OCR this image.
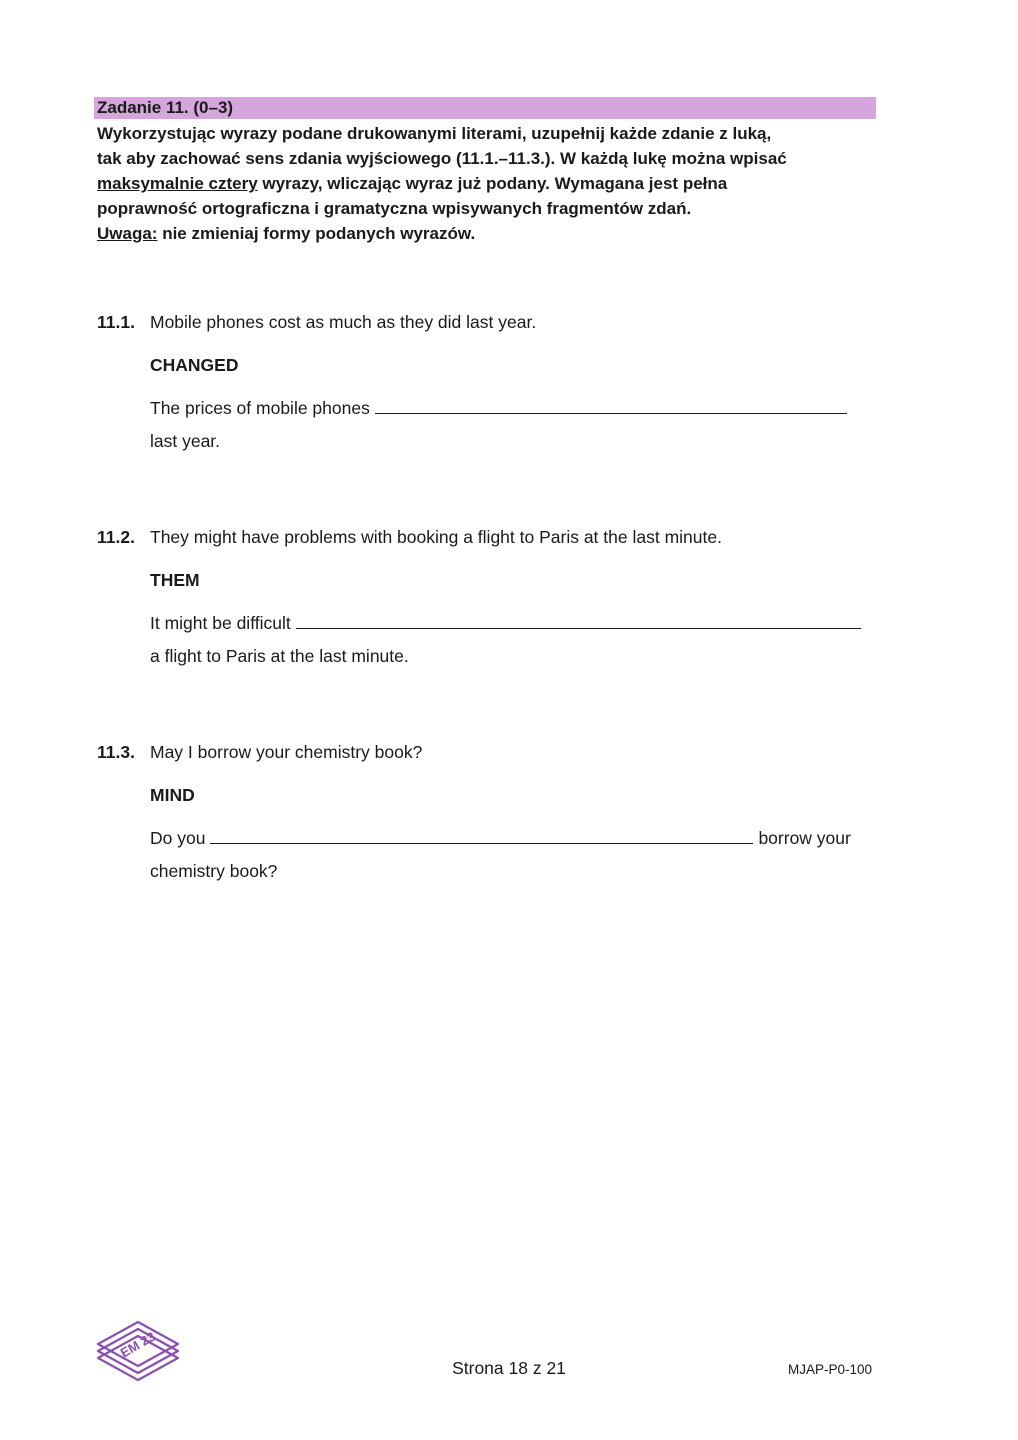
Zadanie 11. (0–3)
Wykorzystując wyrazy podane drukowanymi literami, uzupełnij każde zdanie z luką,
tak aby zachować sens zdania wyjściowego (11.1.–11.3.). W każdą lukę można wpisać
maksymalnie cztery wyrazy, wliczając wyraz już podany. Wymagana jest pełna
poprawność ortograficzna i gramatyczna wpisywanych fragmentów zdań.
Uwaga: nie zmieniaj formy podanych wyrazów.
11.1. Mobile phones cost as much as they did last year.
CHANGED
The prices of mobile phones
last year.
11.2. They might have problems with booking a flight to Paris at the last minute.
THEM
It might be difficult
a flight to Paris at the last minute.
11.3. May I borrow your chemistry book?
MIND
Do you	borrow your
chemistry book?
EM 23
Strona 18 z 21	MJAP-P0-100
